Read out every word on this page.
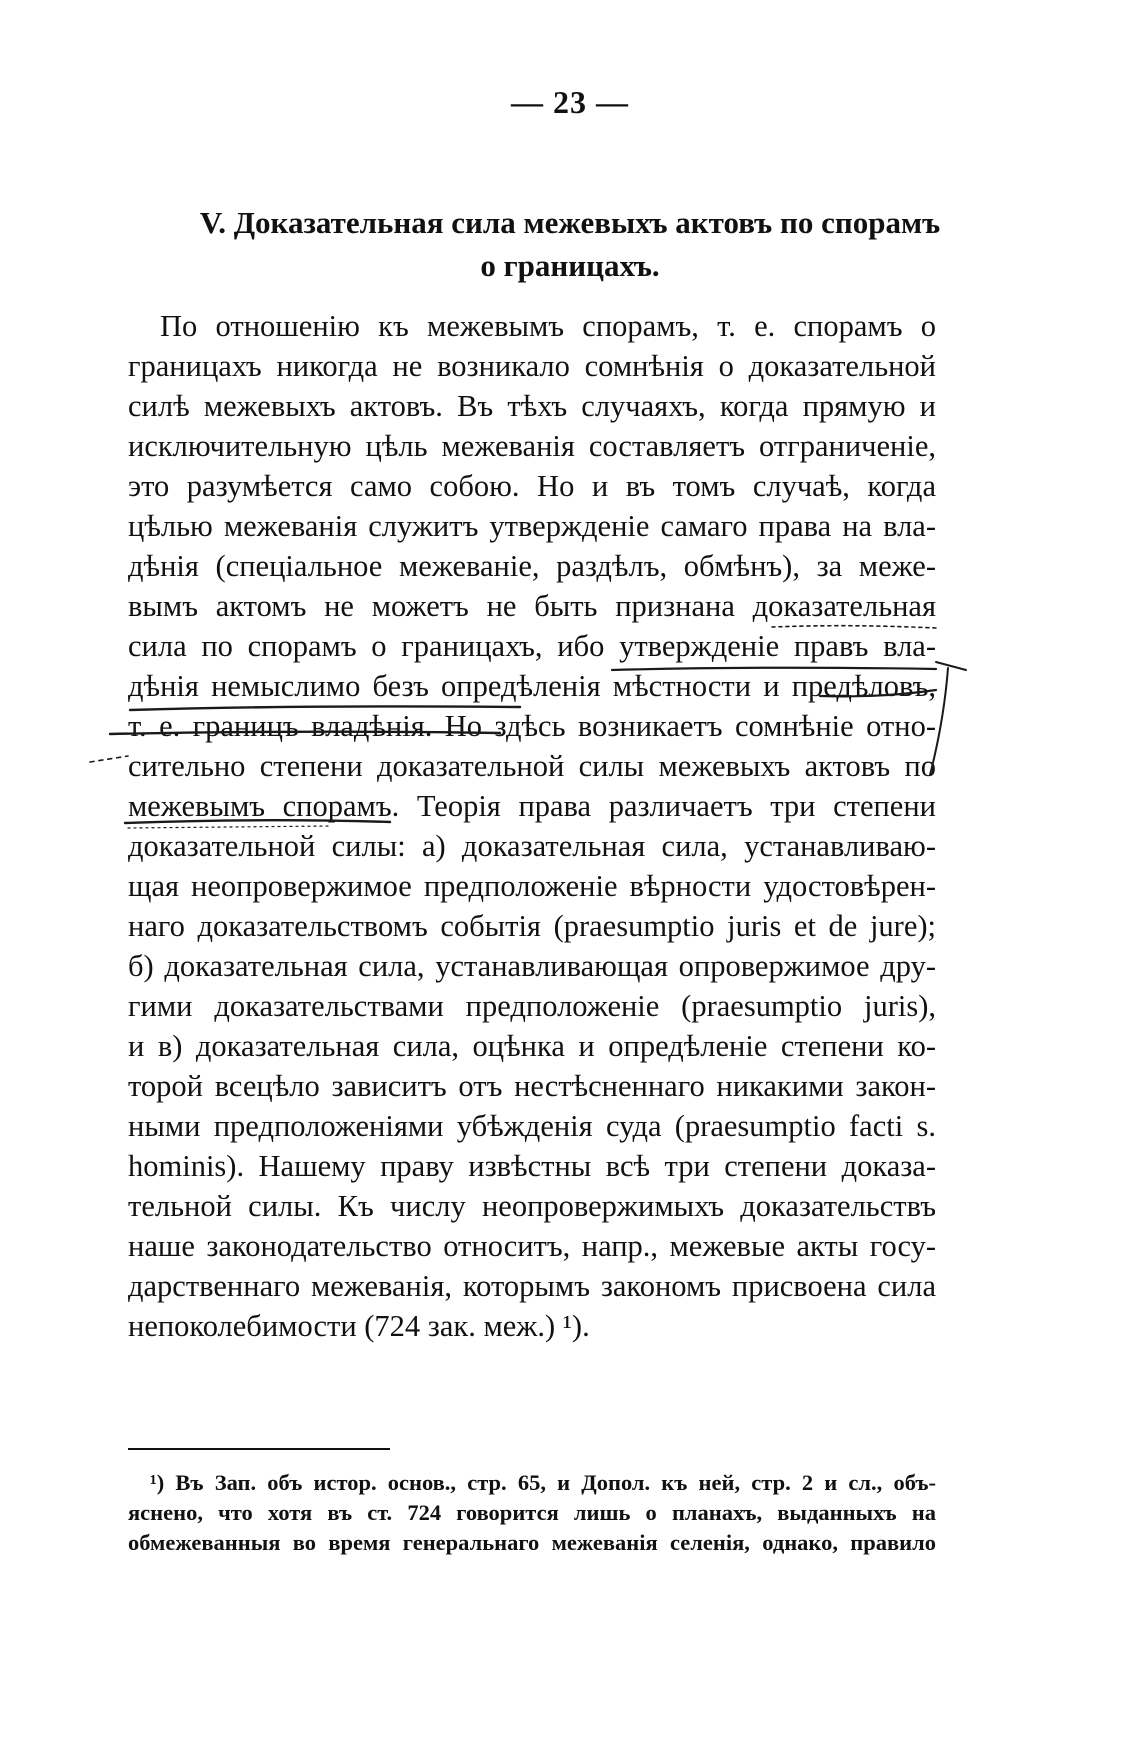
— 23 —
V. Доказательная сила межевыхъ актовъ по спорамъ
о границахъ.
По отношенію къ межевымъ спорамъ, т. е. спорамъ о
границахъ никогда не возникало сомнѣнія о доказательной
силѣ межевыхъ актовъ. Въ тѣхъ случаяхъ, когда прямую и
исключительную цѣль межеванія составляетъ отграниченіе,
это разумѣется само собою. Но и въ томъ случаѣ, когда
цѣлью межеванія служитъ утвержденіе самаго права на вла-
дѣнія (спеціальное межеваніе, раздѣлъ, обмѣнъ), за меже-
вымъ актомъ не можетъ не быть признана доказательная
сила по спорамъ о границахъ, ибо утвержденіе правъ вла-
дѣнія немыслимо безъ опредѣленія мѣстности и предѣловъ,
т. е. границъ владѣнія. Но здѣсь возникаетъ сомнѣніе отно-
сительно степени доказательной силы межевыхъ актовъ по
межевымъ спорамъ. Теорія права различаетъ три степени
доказательной силы: а) доказательная сила, устанавливаю-
щая неопровержимое предположеніе вѣрности удостовѣрен-
наго доказательствомъ событія (praesumptio juris et de jure);
б) доказательная сила, устанавливающая опровержимое дру-
гими доказательствами предположеніе (praesumptio juris),
и в) доказательная сила, оцѣнка и опредѣленіе степени ко-
торой всецѣло зависитъ отъ нестѣсненнаго никакими закон-
ными предположеніями убѣжденія суда (praesumptio facti s.
hominis). Нашему праву извѣстны всѣ три степени доказа-
тельной силы. Къ числу неопровержимыхъ доказательствъ
наше законодательство относитъ, напр., межевые акты госу-
дарственнаго межеванія, которымъ закономъ присвоена сила
непоколебимости (724 зак. меж.) ¹).
¹) Въ Зап. объ истор. основ., стр. 65, и Допол. къ ней, стр. 2 и сл., объ-
яснено, что хотя въ ст. 724 говорится лишь о планахъ, выданныхъ на
обмежеванныя во время генеральнаго межеванія селенія, однако, правило
